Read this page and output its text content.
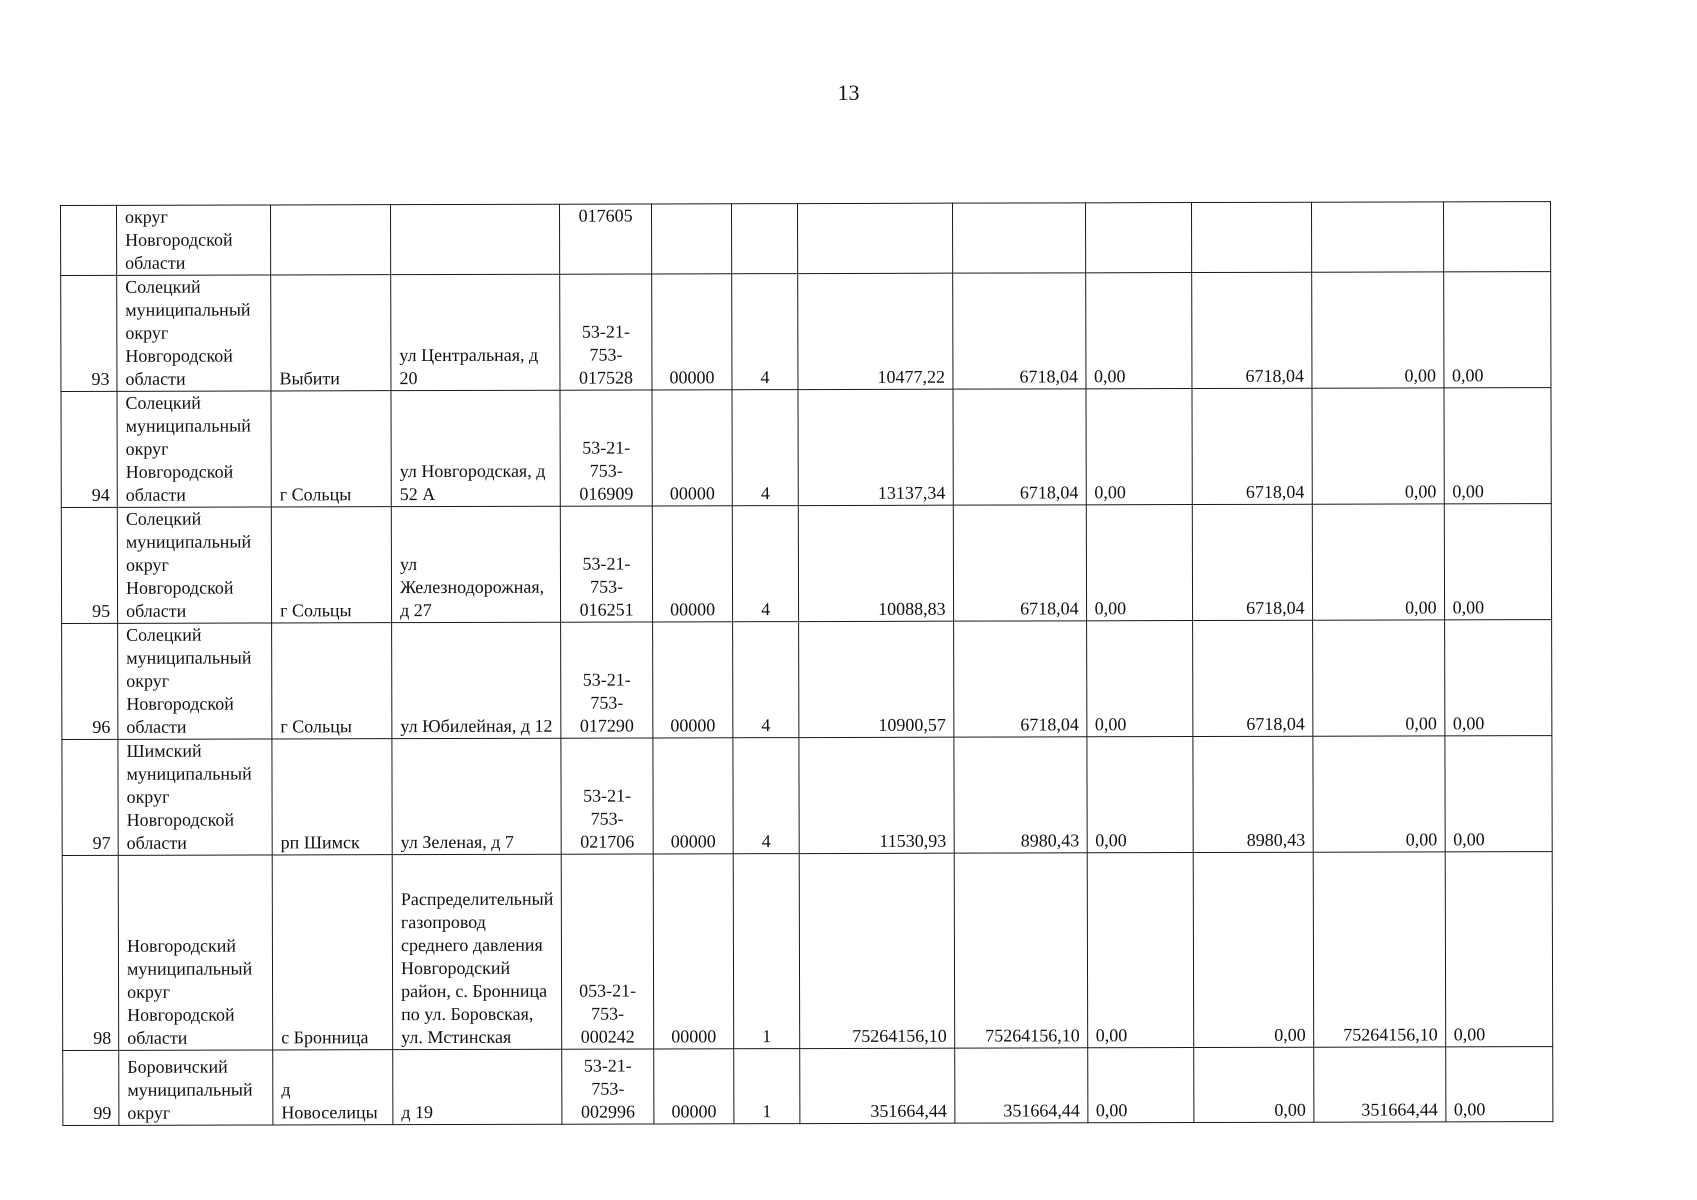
13
	округ Новгородской области			017605								
93	Солецкий муниципальный округ Новгородской области	Выбити	ул Центральная, д 20	53-21-753-017528	00000	4	10477,22	6718,04	0,00	6718,04	0,00	0,00
94	Солецкий муниципальный округ Новгородской области	г Сольцы	ул Новгородская, д 52 А	53-21-753-016909	00000	4	13137,34	6718,04	0,00	6718,04	0,00	0,00
95	Солецкий муниципальный округ Новгородской области	г Сольцы	ул Железнодорожная, д 27	53-21-753-016251	00000	4	10088,83	6718,04	0,00	6718,04	0,00	0,00
96	Солецкий муниципальный округ Новгородской области	г Сольцы	ул Юбилейная, д 12	53-21-753-017290	00000	4	10900,57	6718,04	0,00	6718,04	0,00	0,00
97	Шимский муниципальный округ Новгородской области	рп Шимск	ул Зеленая, д 7	53-21-753-021706	00000	4	11530,93	8980,43	0,00	8980,43	0,00	0,00
98	Новгородский муниципальный округ Новгородской области	с Бронница	Распределительный газопровод среднего давления Новгородский район, с. Бронница по ул. Боровская, ул. Мстинская	053-21-753-000242	00000	1	75264156,10	75264156,10	0,00	0,00	75264156,10	0,00
99	Боровичский муниципальный округ	д Новоселицы	д 19	53-21-753-002996	00000	1	351664,44	351664,44	0,00	0,00	351664,44	0,00
